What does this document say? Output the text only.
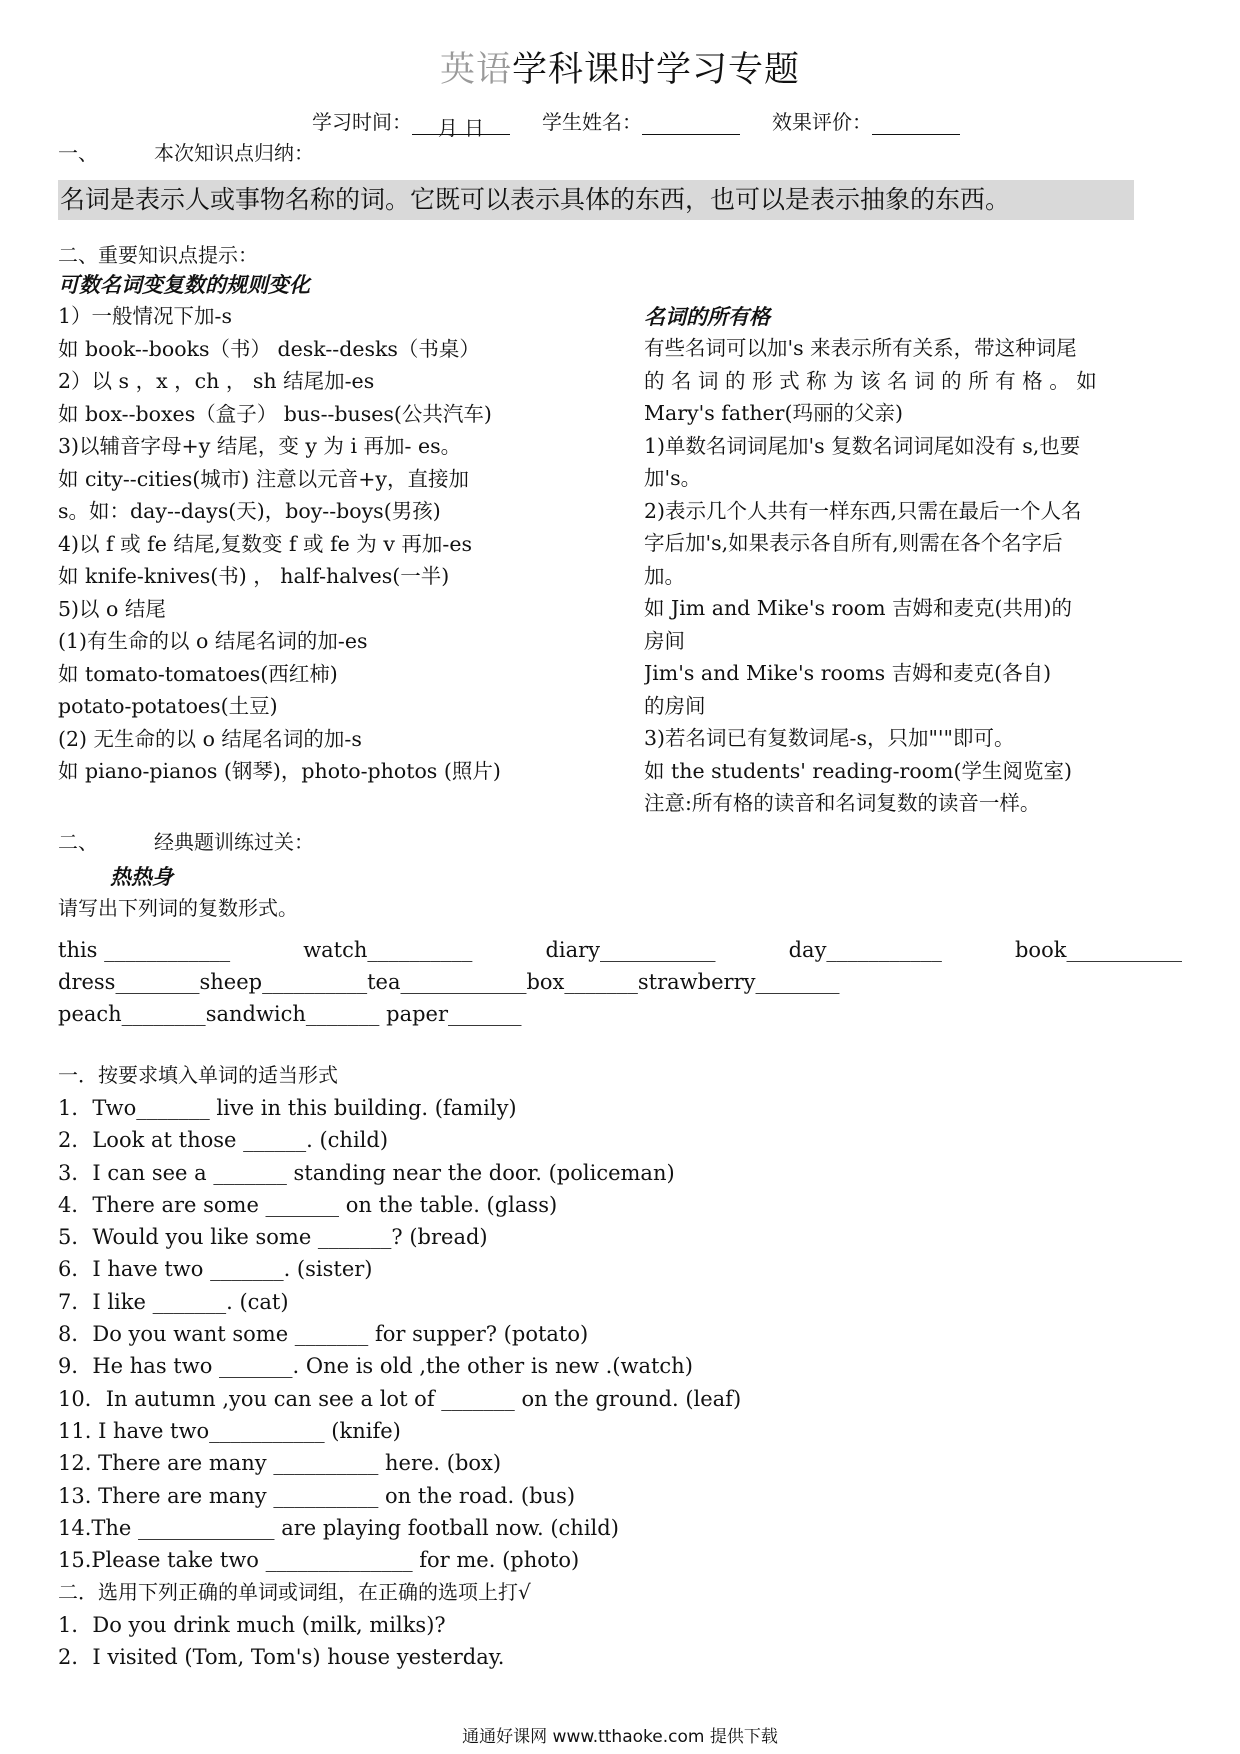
英语学科课时学习专题
学习时间： 月 日	学生姓名：	效果评价：
一、	本次知识点归纳：
名词是表示人或事物名称的词。它既可以表示具体的东西，也可以是表示抽象的东西。
二、重要知识点提示：
可数名词变复数的规则变化
1）一般情况下加-s
如 book--books（书） desk--desks（书桌）
2）以 s ，x ，ch ， sh 结尾加-es
如 box--boxes（盒子） bus--buses(公共汽车)
3)以辅音字母+y 结尾，变 y 为 i 再加- es。
如 city--cities(城市) 注意以元音+y，直接加
s。如：day--days(天)，boy--boys(男孩)
4)以 f 或 fe 结尾,复数变 f 或 fe 为 v 再加-es
如 knife-knives(书) ， half-halves(一半)
5)以 o 结尾
(1)有生命的以 o 结尾名词的加-es
如 tomato-tomatoes(西红柿)
potato-potatoes(土豆)
(2) 无生命的以 o 结尾名词的加-s
如 piano-pianos (钢琴)，photo-photos (照片)
名词的所有格
有些名词可以加's 来表示所有关系，带这种词尾
的 名 词 的 形 式 称 为 该 名 词 的 所 有 格 。 如
Mary's father(玛丽的父亲)
1)单数名词词尾加's 复数名词词尾如没有 s,也要
加's。
2)表示几个人共有一样东西,只需在最后一个人名
字后加's,如果表示各自所有,则需在各个名字后
加。
如 Jim and Mike's room 吉姆和麦克(共用)的
房间
Jim's and Mike's rooms 吉姆和麦克(各自)
的房间
3)若名词已有复数词尾-s，只加"'"即可。
如 the students' reading-room(学生阅览室)
注意:所有格的读音和名词复数的读音一样。
二、	经典题训练过关：
热热身
请写出下列词的复数形式。
this ____________	watch__________	diary___________	day___________	book___________
dress________sheep__________tea____________box_______strawberry________
peach________sandwich_______ paper_______
一．按要求填入单词的适当形式
1．Two_______ live in this building. (family)
2．Look at those ______. (child)
3．I can see a _______ standing near the door. (policeman)
4．There are some _______ on the table. (glass)
5．Would you like some _______? (bread)
6．I have two _______. (sister)
7．I like _______. (cat)
8．Do you want some _______ for supper? (potato)
9．He has two _______. One is old ,the other is new .(watch)
10．In autumn ,you can see a lot of _______ on the ground. (leaf)
11. I have two___________ (knife)
12. There are many __________ here. (box)
13. There are many __________ on the road. (bus)
14.The _____________ are playing football now. (child)
15.Please take two ______________ for me. (photo)
二．选用下列正确的单词或词组，在正确的选项上打√
1．Do you drink much (milk, milks)?
2．I visited (Tom, Tom's) house yesterday.
通通好课网 www.tthaoke.com 提供下载
